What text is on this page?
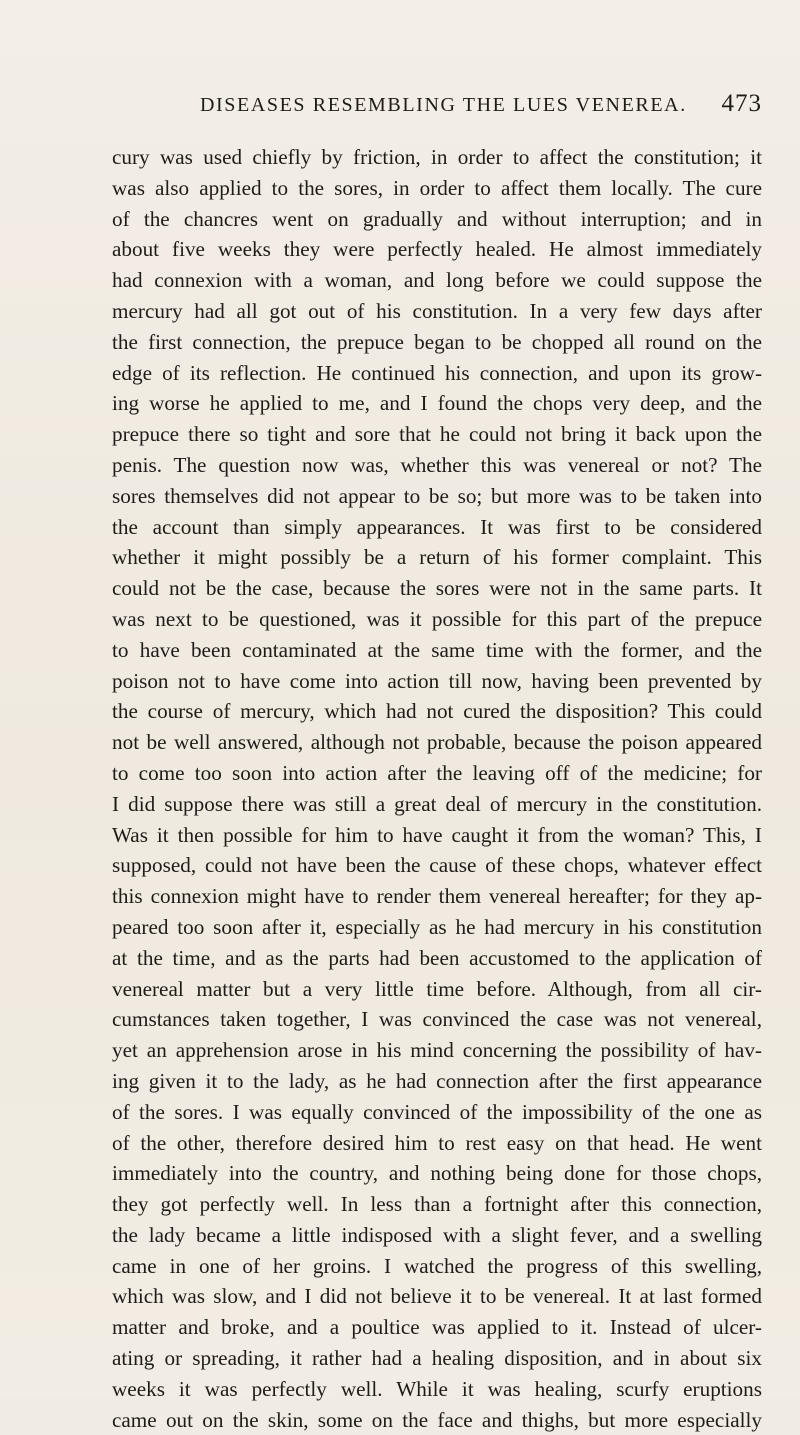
DISEASES RESEMBLING THE LUES VENEREA. 473
cury was used chiefly by friction, in order to affect the constitution; it
was also applied to the sores, in order to affect them locally. The cure
of the chancres went on gradually and without interruption; and in
about five weeks they were perfectly healed. He almost immediately
had connexion with a woman, and long before we could suppose the
mercury had all got out of his constitution. In a very few days after
the first connection, the prepuce began to be chopped all round on the
edge of its reflection. He continued his connection, and upon its grow-
ing worse he applied to me, and I found the chops very deep, and the
prepuce there so tight and sore that he could not bring it back upon the
penis. The question now was, whether this was venereal or not? The
sores themselves did not appear to be so; but more was to be taken into
the account than simply appearances. It was first to be considered
whether it might possibly be a return of his former complaint. This
could not be the case, because the sores were not in the same parts. It
was next to be questioned, was it possible for this part of the prepuce
to have been contaminated at the same time with the former, and the
poison not to have come into action till now, having been prevented by
the course of mercury, which had not cured the disposition? This could
not be well answered, although not probable, because the poison appeared
to come too soon into action after the leaving off of the medicine; for
I did suppose there was still a great deal of mercury in the constitution.
Was it then possible for him to have caught it from the woman? This, I
supposed, could not have been the cause of these chops, whatever effect
this connexion might have to render them venereal hereafter; for they ap-
peared too soon after it, especially as he had mercury in his constitution
at the time, and as the parts had been accustomed to the application of
venereal matter but a very little time before. Although, from all cir-
cumstances taken together, I was convinced the case was not venereal,
yet an apprehension arose in his mind concerning the possibility of hav-
ing given it to the lady, as he had connection after the first appearance
of the sores. I was equally convinced of the impossibility of the one as
of the other, therefore desired him to rest easy on that head. He went
immediately into the country, and nothing being done for those chops,
they got perfectly well. In less than a fortnight after this connection,
the lady became a little indisposed with a slight fever, and a swelling
came in one of her groins. I watched the progress of this swelling,
which was slow, and I did not believe it to be venereal. It at last formed
matter and broke, and a poultice was applied to it. Instead of ulcer-
ating or spreading, it rather had a healing disposition, and in about six
weeks it was perfectly well. While it was healing, scurfy eruptions
came out on the skin, some on the face and thighs, but more especially
